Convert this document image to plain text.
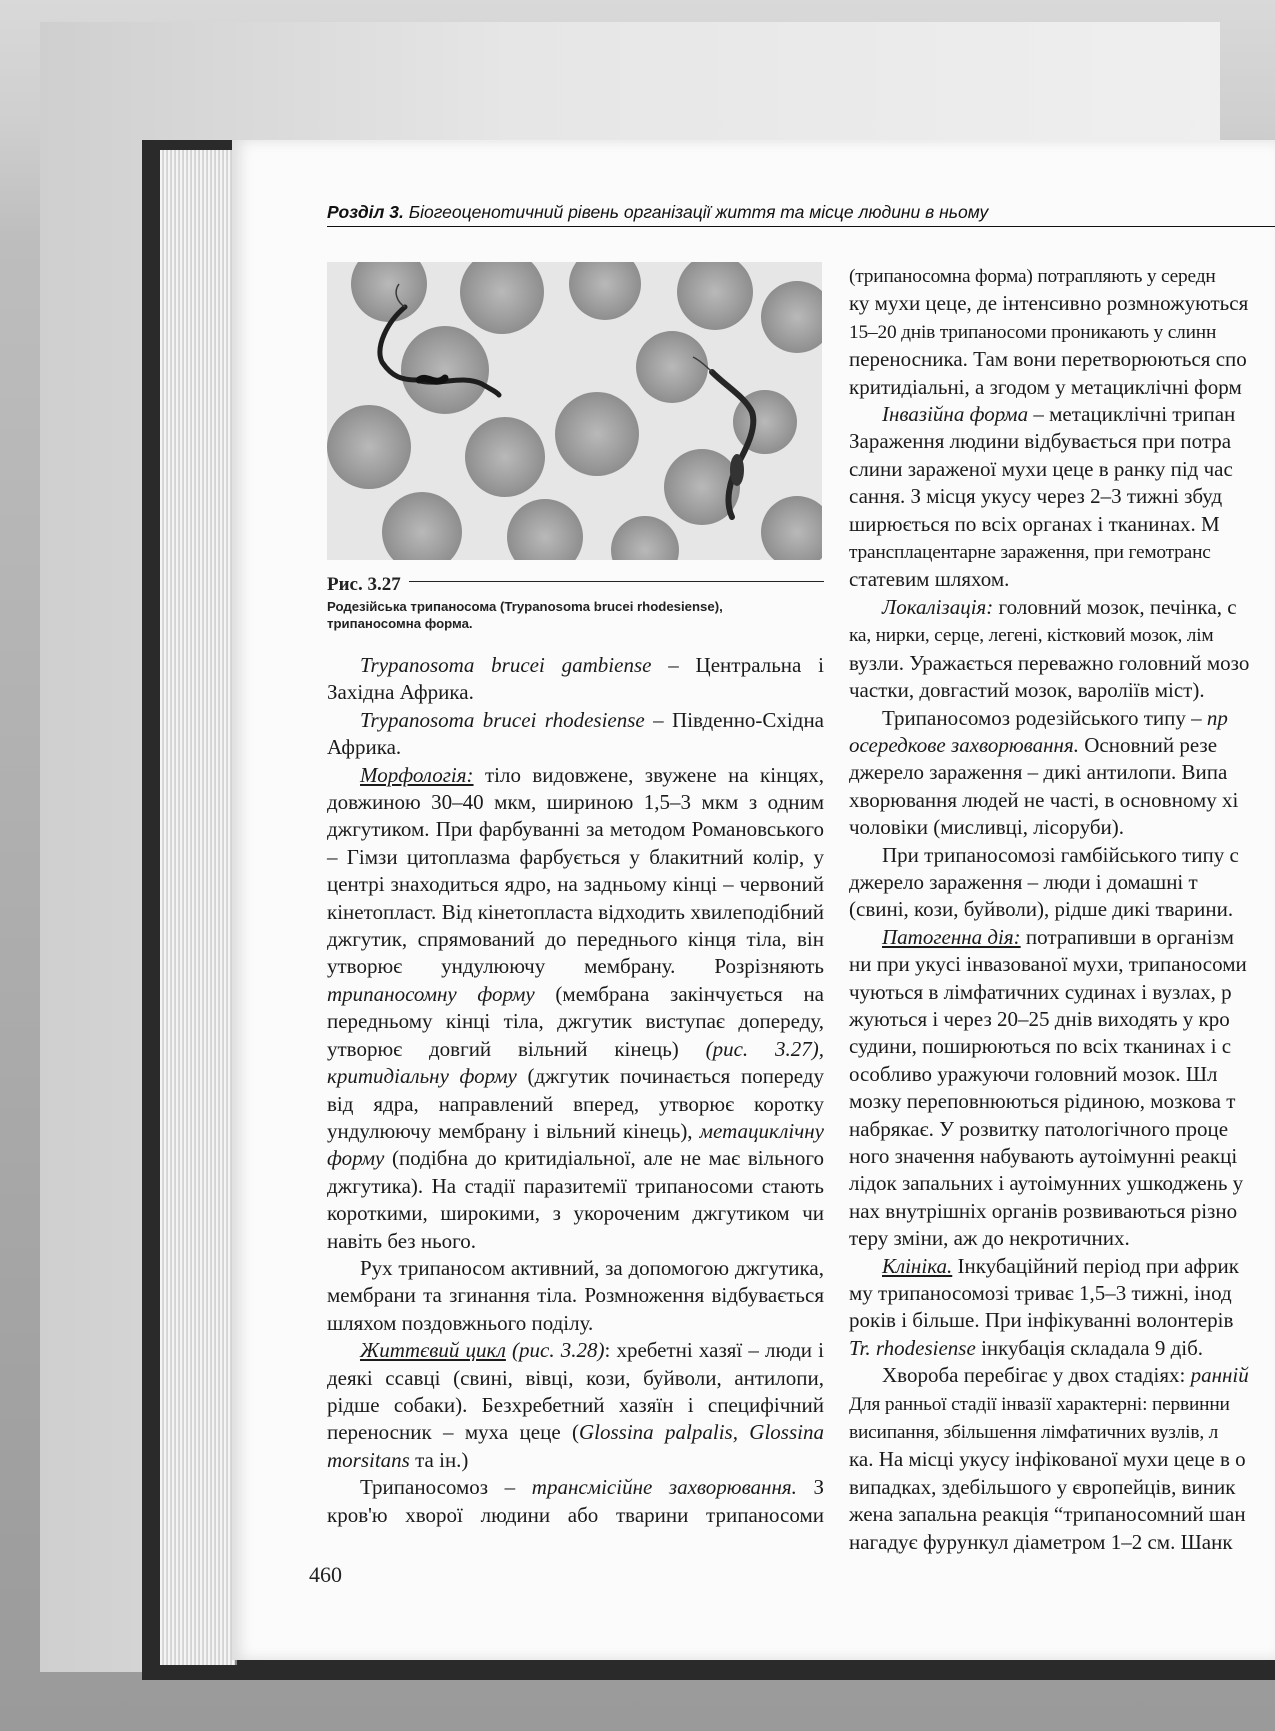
Розділ 3. Біогеоценотичний рівень організації життя та місце людини в ньому
Рис. 3.27
Родезійська трипаносома (Trypanosoma brucei rhodesiense),
трипаносомна форма.

Trypanosoma brucei gambiense – Центральна і Західна Африка.

Trypanosoma brucei rhodesiense – Південно-Східна Африка.

Морфологія: тіло видовжене, звужене на кінцях, довжиною 30–40 мкм, шириною 1,5–3 мкм з одним джгутиком. При фарбуванні за методом Романовського – Гімзи цитоплазма фарбується у блакитний колір, у центрі знаходиться ядро, на задньому кінці – червоний кінетопласт. Від кінетопласта відходить хвилеподібний джгутик, спрямований до переднього кінця тіла, він утворює ундулюючу мембрану. Розрізняють трипаносомну форму (мембрана закінчується на передньому кінці тіла, джгутик виступає допереду, утворює довгий вільний кінець) (рис. 3.27), критидіальну форму (джгутик починається попереду від ядра, направлений вперед, утворює коротку ундулюючу мембрану і вільний кінець), метациклічну форму (подібна до критидіальної, але не має вільного джгутика). На стадії паразитемії трипаносоми стають короткими, широкими, з укороченим джгутиком чи навіть без нього.

Рух трипаносом активний, за допомогою джгутика, мембрани та згинання тіла. Розмноження відбувається шляхом поздовжнього поділу.

Життєвий цикл (рис. 3.28): хребетні хазяї – люди і деякі ссавці (свині, вівці, кози, буйволи, антилопи, рідше собаки). Безхребетний хазяїн і специфічний переносник – муха цеце (Glossina palpalis, Glossina morsitans та ін.)

Трипаносомоз – трансмісійне захворювання. З кров'ю хворої людини або тварини трипаносоми

(трипаносомна форма) потрапляють у середн
ку мухи цеце, де інтенсивно розмножуються
15–20 днів трипаносоми проникають у слинн
переносника. Там вони перетворюються спо
критидіальні, а згодом у метациклічні форм
Інвазійна форма – метациклічні трипан
Зараження людини відбувається при потра
слини зараженої мухи цеце в ранку під час
сання. З місця укусу через 2–3 тижні збуд
ширюється по всіх органах і тканинах. М
трансплацентарне зараження, при гемотранс
статевим шляхом.
Локалізація: головний мозок, печінка, с
ка, нирки, серце, легені, кістковий мозок, лім
вузли. Уражається переважно головний мозо
частки, довгастий мозок, вароліїв міст).
Трипаносомоз родезійського типу – пр
осередкове захворювання. Основний резе
джерело зараження – дикі антилопи. Випа
хворювання людей не часті, в основному хі
чоловіки (мисливці, лісоруби).
При трипаносомозі гамбійського типу с
джерело зараження – люди і домашні т
(свині, кози, буйволи), рідше дикі тварини.
Патогенна дія: потрапивши в організм
ни при укусі інвазованої мухи, трипаносоми
чуються в лімфатичних судинах і вузлах, р
жуються і через 20–25 днів виходять у кро
судини, поширюються по всіх тканинах і с
особливо уражуючи головний мозок. Шл
мозку переповнюються рідиною, мозкова т
набрякає. У розвитку патологічного проце
ного значення набувають аутоімунні реакці
лідок запальних і аутоімунних ушкоджень у
нах внутрішніх органів розвиваються різно
теру зміни, аж до некротичних.
Клініка. Інкубаційний період при африк
му трипаносомозі триває 1,5–3 тижні, інод
років і більше. При інфікуванні волонтерів
Tr. rhodesiense інкубація складала 9 діб.
Хвороба перебігає у двох стадіях: ранній
Для ранньої стадії інвазії характерні: первинни
висипання, збільшення лімфатичних вузлів, л
ка. На місці укусу інфікованої мухи цеце в о
випадках, здебільшого у європейців, виник
жена запальна реакція “трипаносомний шан
нагадує фурункул діаметром 1–2 см. Шанк
460
